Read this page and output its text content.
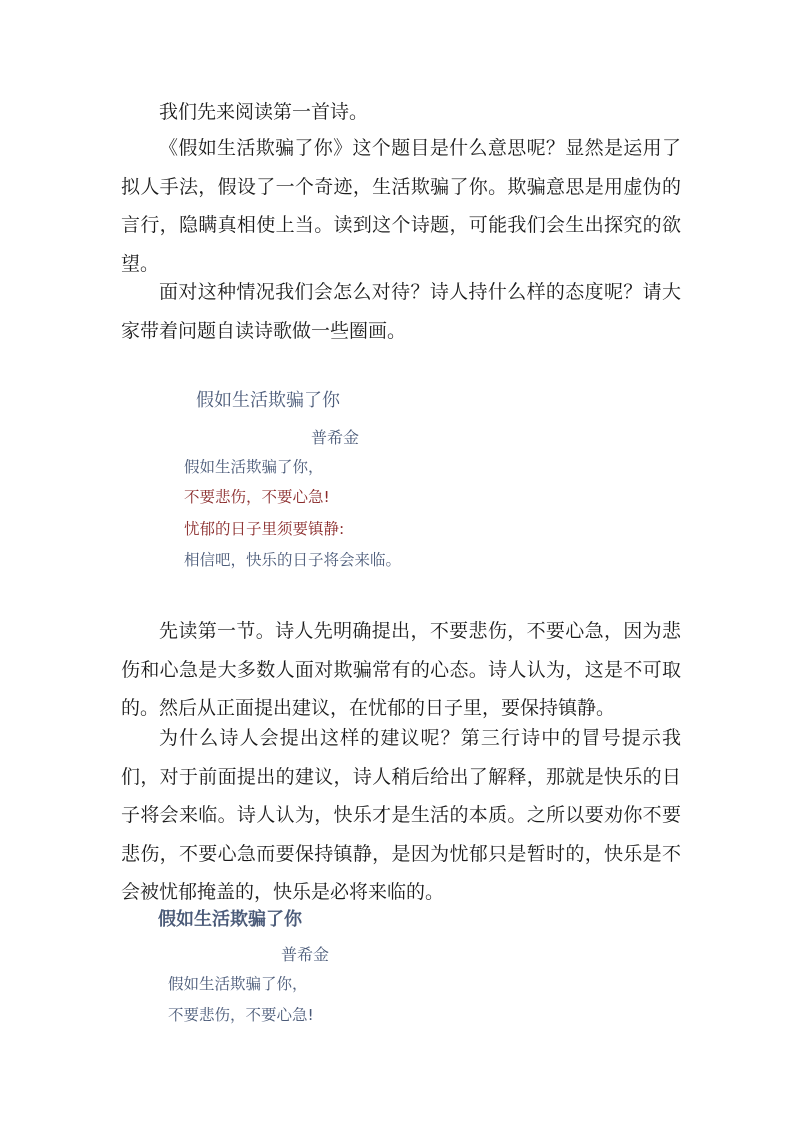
我们先来阅读第一首诗。

《假如生活欺骗了你》这个题目是什么意思呢？显然是运用了拟人手法，假设了一个奇迹，生活欺骗了你。欺骗意思是用虚伪的言行，隐瞒真相使上当。读到这个诗题，可能我们会生出探究的欲望。

面对这种情况我们会怎么对待？诗人持什么样的态度呢？请大家带着问题自读诗歌做一些圈画。

假如生活欺骗了你

普希金

假如生活欺骗了你，

不要悲伤，不要心急!

忧郁的日子里须要镇静:

相信吧，快乐的日子将会来临。

先读第一节。诗人先明确提出，不要悲伤，不要心急，因为悲伤和心急是大多数人面对欺骗常有的心态。诗人认为，这是不可取的。然后从正面提出建议，在忧郁的日子里，要保持镇静。

为什么诗人会提出这样的建议呢？第三行诗中的冒号提示我们，对于前面提出的建议，诗人稍后给出了解释，那就是快乐的日子将会来临。诗人认为，快乐才是生活的本质。之所以要劝你不要悲伤，不要心急而要保持镇静，是因为忧郁只是暂时的，快乐是不会被忧郁掩盖的，快乐是必将来临的。

假如生活欺骗了你

普希金

假如生活欺骗了你，

不要悲伤，不要心急!
